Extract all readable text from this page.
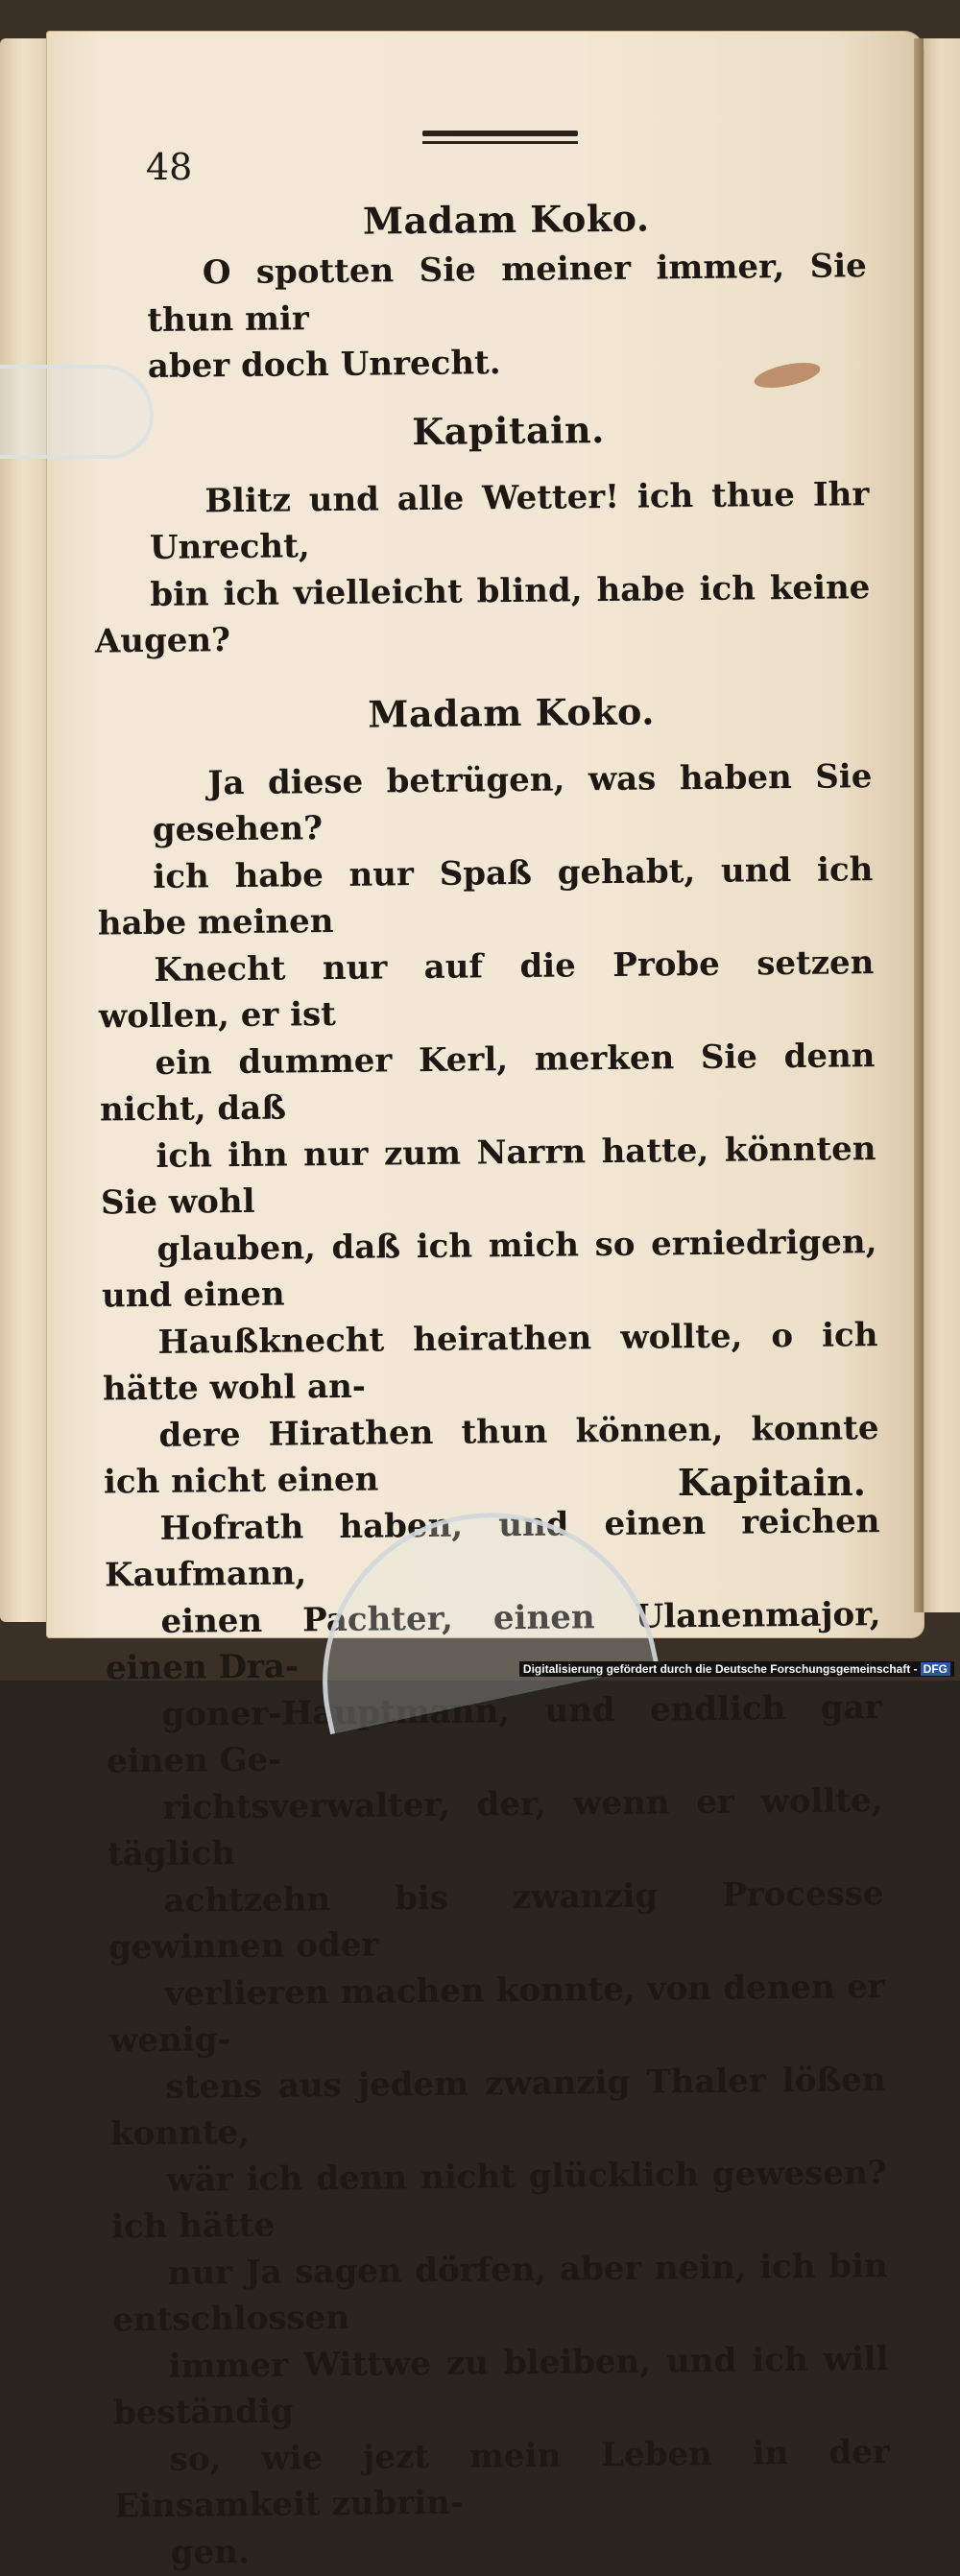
48

Madam Koko.

O spotten Sie meiner immer, Sie thun mir
aber doch Unrecht.

Kapitain.

Blitz und alle Wetter! ich thue Ihr Unrecht,
bin ich vielleicht blind, habe ich keine Augen?

Madam Koko.

Ja diese betrügen, was haben Sie gesehen?
ich habe nur Spaß gehabt, und ich habe meinen
Knecht nur auf die Probe setzen wollen, er ist
ein dummer Kerl, merken Sie denn nicht, daß
ich ihn nur zum Narrn hatte, könnten Sie wohl
glauben, daß ich mich so erniedrigen, und einen
Haußknecht heirathen wollte, o ich hätte wohl an-
dere Hirathen thun können, konnte ich nicht einen
Hofrath haben, und einen reichen Kaufmann,
einen Pachter, einen Ulanenmajor, einen Dra-
goner-Hauptmann, und endlich gar einen Ge-
richtsverwalter, der, wenn er wollte, täglich
achtzehn bis zwanzig Processe gewinnen oder
verlieren machen konnte, von denen er wenig-
stens aus jedem zwanzig Thaler lößen konnte,
wär ich denn nicht glücklich gewesen? ich hätte
nur Ja sagen dörfen, aber nein, ich bin entschlossen
immer Wittwe zu bleiben, und ich will beständig
so, wie jezt mein Leben in der Einsamkeit zubrin-
gen.

Kapitain.
Digitalisierung gefördert durch die Deutsche Forschungsgemeinschaft - DFG
